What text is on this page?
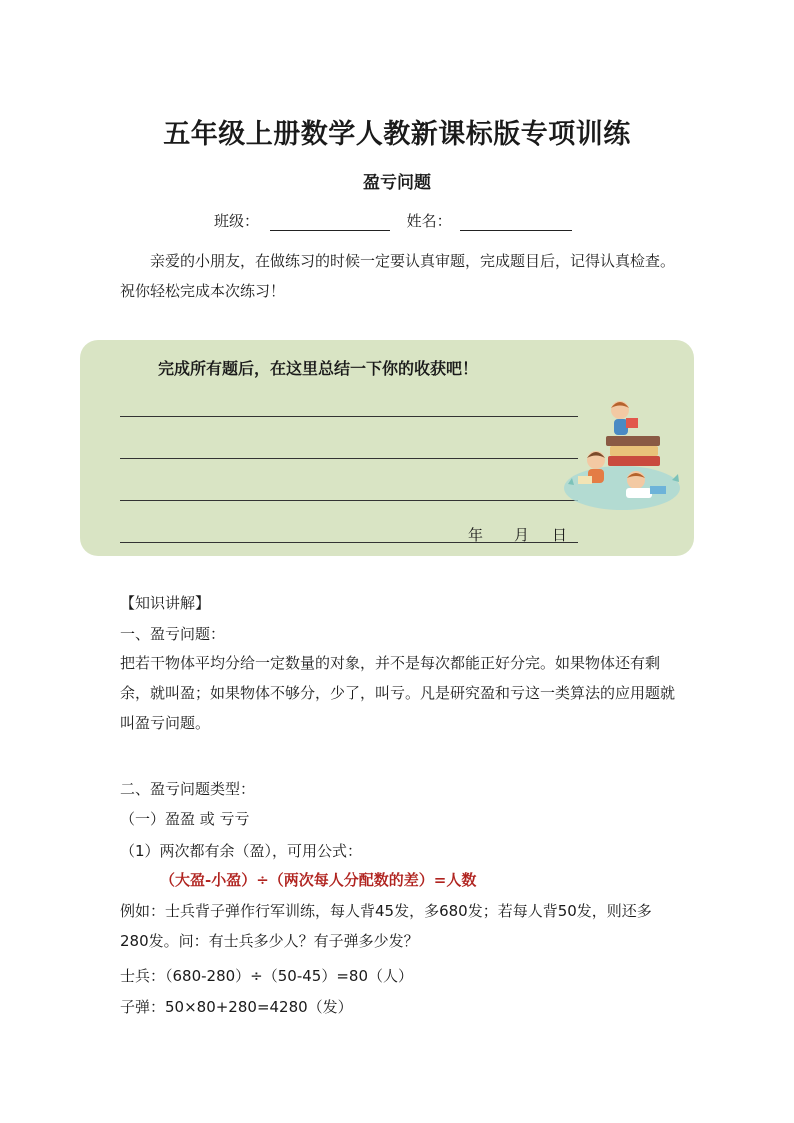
五年级上册数学人教新课标版专项训练
盈亏问题
班级：	姓名：
亲爱的小朋友，在做练习的时候一定要认真审题，完成题目后，记得认真检查。祝你轻松完成本次练习！
完成所有题后，在这里总结一下你的收获吧！
年 月 日
【知识讲解】
一、盈亏问题：
把若干物体平均分给一定数量的对象，并不是每次都能正好分完。如果物体还有剩余，就叫盈；如果物体不够分，少了，叫亏。凡是研究盈和亏这一类算法的应用题就叫盈亏问题。
二、盈亏问题类型：
（一）盈盈 或 亏亏
（1）两次都有余（盈），可用公式：
（大盈-小盈）÷（两次每人分配数的差）=人数
例如：士兵背子弹作行军训练，每人背45发，多680发；若每人背50发，则还多280发。问：有士兵多少人？有子弹多少发？
士兵：（680-280）÷（50-45）=80（人）
子弹：50×80+280=4280（发）
